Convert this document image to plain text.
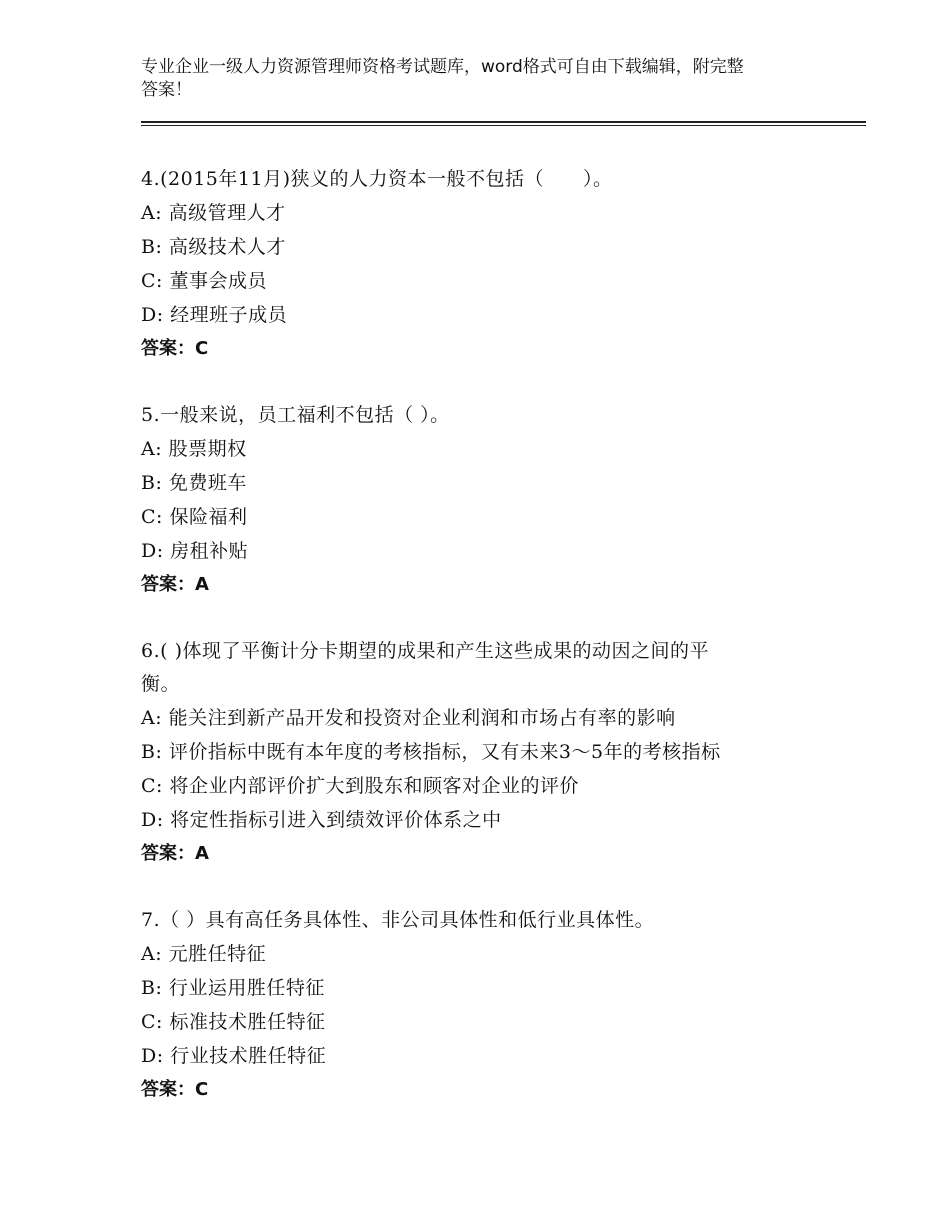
专业企业一级人力资源管理师资格考试题库，word格式可自由下载编辑，附完整
答案！
4.(2015年11月)狭义的人力资本一般不包括（　　）。
A: 高级管理人才
B: 高级技术人才
C: 董事会成员
D: 经理班子成员
答案：C
5.一般来说，员工福利不包括（ ）。
A: 股票期权
B: 免费班车
C: 保险福利
D: 房租补贴
答案：A
6.( )体现了平衡计分卡期望的成果和产生这些成果的动因之间的平
衡。
A: 能关注到新产品开发和投资对企业利润和市场占有率的影响
B: 评价指标中既有本年度的考核指标，又有未来3～5年的考核指标
C: 将企业内部评价扩大到股东和顾客对企业的评价
D: 将定性指标引进入到绩效评价体系之中
答案：A
7.（ ）具有高任务具体性、非公司具体性和低行业具体性。
A: 元胜任特征
B: 行业运用胜任特征
C: 标准技术胜任特征
D: 行业技术胜任特征
答案：C
